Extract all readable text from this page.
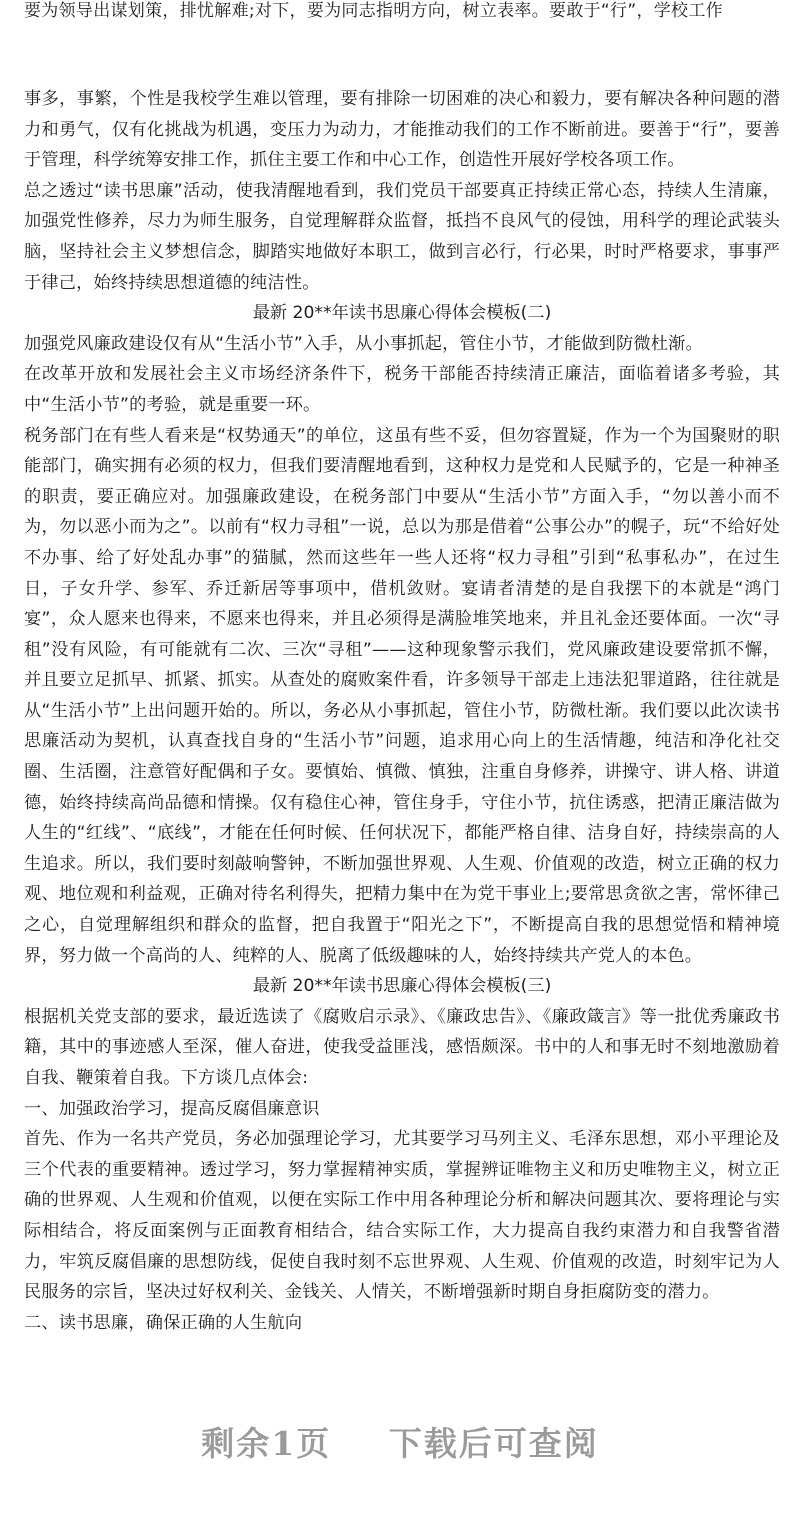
要为领导出谋划策，排忧解难;对下，要为同志指明方向，树立表率。要敢于“行”，学校工作

事多，事繁，个性是我校学生难以管理，要有排除一切困难的决心和毅力，要有解决各种问题的潜力和勇气，仅有化挑战为机遇，变压力为动力，才能推动我们的工作不断前进。要善于“行”，要善于管理，科学统筹安排工作，抓住主要工作和中心工作，创造性开展好学校各项工作。

总之透过“读书思廉”活动，使我清醒地看到，我们党员干部要真正持续正常心态，持续人生清廉，加强党性修养，尽力为师生服务，自觉理解群众监督，抵挡不良风气的侵蚀，用科学的理论武装头脑，坚持社会主义梦想信念，脚踏实地做好本职工，做到言必行，行必果，时时严格要求，事事严于律己，始终持续思想道德的纯洁性。

最新 20**年读书思廉心得体会模板(二)

加强党风廉政建设仅有从“生活小节”入手，从小事抓起，管住小节，才能做到防微杜渐。

在改革开放和发展社会主义市场经济条件下，税务干部能否持续清正廉洁，面临着诸多考验，其中“生活小节”的考验，就是重要一环。

税务部门在有些人看来是“权势通天”的单位，这虽有些不妥，但勿容置疑，作为一个为国聚财的职能部门，确实拥有必须的权力，但我们要清醒地看到，这种权力是党和人民赋予的，它是一种神圣的职责，要正确应对。加强廉政建设，在税务部门中要从“生活小节”方面入手，“勿以善小而不为，勿以恶小而为之”。以前有“权力寻租”一说，总以为那是借着“公事公办”的幌子，玩“不给好处不办事、给了好处乱办事”的猫腻，然而这些年一些人还将“权力寻租”引到“私事私办”，在过生日，子女升学、参军、乔迁新居等事项中，借机敛财。宴请者清楚的是自我摆下的本就是“鸿门宴”，众人愿来也得来，不愿来也得来，并且必须得是满脸堆笑地来，并且礼金还要体面。一次“寻租”没有风险，有可能就有二次、三次“寻租”——这种现象警示我们，党风廉政建设要常抓不懈，并且要立足抓早、抓紧、抓实。从查处的腐败案件看，许多领导干部走上违法犯罪道路，往往就是从“生活小节”上出问题开始的。所以，务必从小事抓起，管住小节，防微杜渐。我们要以此次读书思廉活动为契机，认真查找自身的“生活小节”问题，追求用心向上的生活情趣，纯洁和净化社交圈、生活圈，注意管好配偶和子女。要慎始、慎微、慎独，注重自身修养，讲操守、讲人格、讲道德，始终持续高尚品德和情操。仅有稳住心神，管住身手，守住小节，抗住诱惑，把清正廉洁做为人生的“红线”、“底线”，才能在任何时候、任何状况下，都能严格自律、洁身自好，持续崇高的人生追求。所以，我们要时刻敲响警钟，不断加强世界观、人生观、价值观的改造，树立正确的权力观、地位观和利益观，正确对待名利得失，把精力集中在为党干事业上;要常思贪欲之害，常怀律己之心，自觉理解组织和群众的监督，把自我置于“阳光之下”，不断提高自我的思想觉悟和精神境界，努力做一个高尚的人、纯粹的人、脱离了低级趣味的人，始终持续共产党人的本色。

最新 20**年读书思廉心得体会模板(三)

根据机关党支部的要求，最近选读了《腐败启示录》、《廉政忠告》、《廉政箴言》等一批优秀廉政书籍，其中的事迹感人至深，催人奋进，使我受益匪浅，感悟颇深。书中的人和事无时不刻地激励着自我、鞭策着自我。下方谈几点体会:

一、加强政治学习，提高反腐倡廉意识

首先、作为一名共产党员，务必加强理论学习，尤其要学习马列主义、毛泽东思想，邓小平理论及三个代表的重要精神。透过学习，努力掌握精神实质，掌握辨证唯物主义和历史唯物主义，树立正确的世界观、人生观和价值观，以便在实际工作中用各种理论分析和解决问题其次、要将理论与实际相结合，将反面案例与正面教育相结合，结合实际工作，大力提高自我约束潜力和自我警省潜力，牢筑反腐倡廉的思想防线，促使自我时刻不忘世界观、人生观、价值观的改造，时刻牢记为人民服务的宗旨，坚决过好权利关、金钱关、人情关，不断增强新时期自身拒腐防变的潜力。

二、读书思廉，确保正确的人生航向

剩余1页 下载后可查阅
